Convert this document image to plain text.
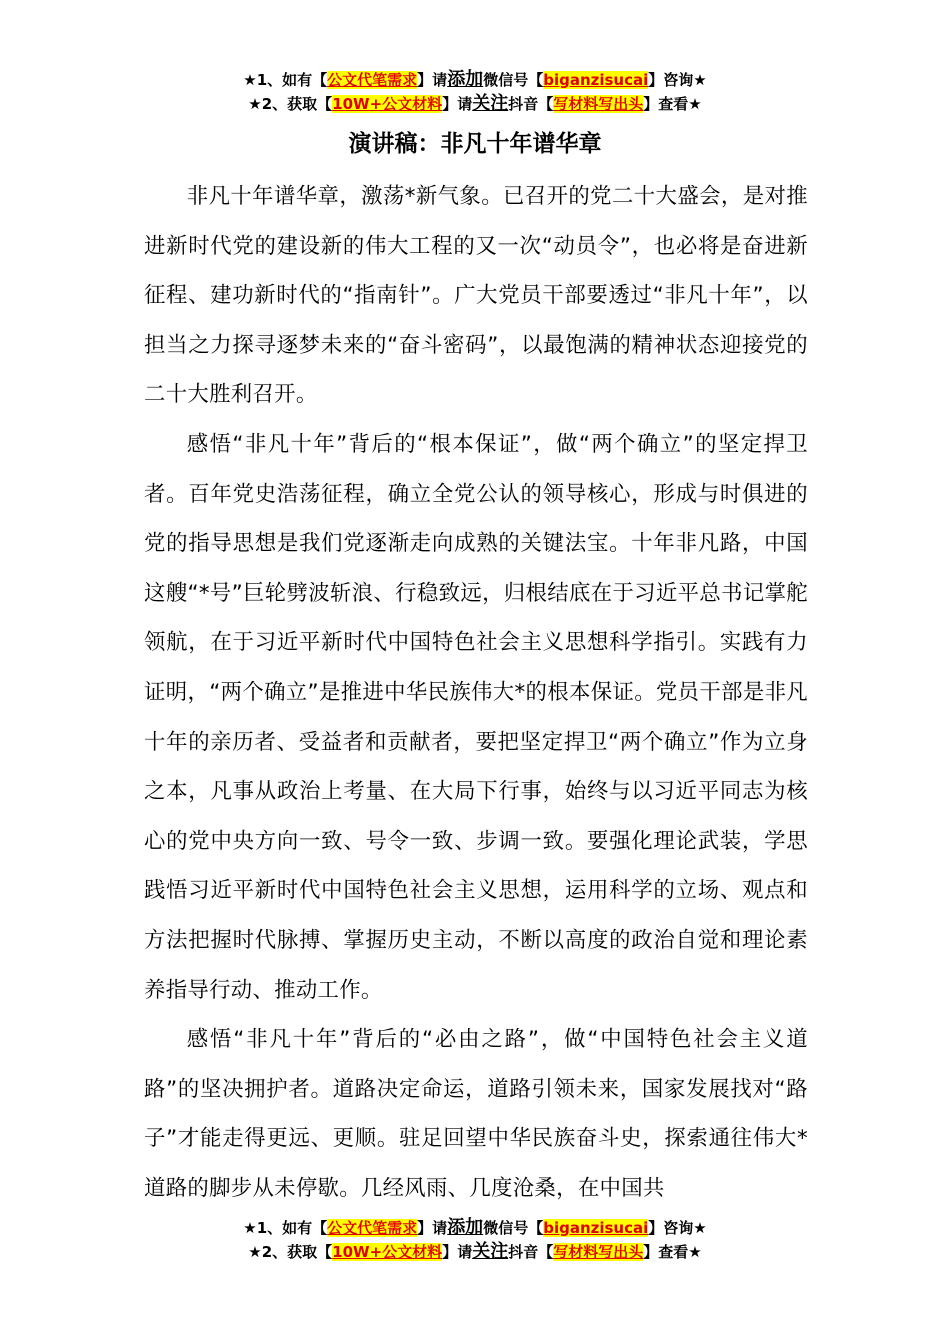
★1、如有【公文代笔需求】请添加微信号【biganzisucai】咨询★
★2、获取【10W+公文材料】请关注抖音【写材料写出头】查看★
演讲稿：非凡十年谱华章

非凡十年谱华章，激荡*新气象。已召开的党二十大盛会，是对推进新时代党的建设新的伟大工程的又一次“动员令”，也必将是奋进新征程、建功新时代的“指南针”。广大党员干部要透过“非凡十年”，以担当之力探寻逐梦未来的“奋斗密码”，以最饱满的精神状态迎接党的二十大胜利召开。

感悟“非凡十年”背后的“根本保证”，做“两个确立”的坚定捍卫者。百年党史浩荡征程，确立全党公认的领导核心，形成与时俱进的党的指导思想是我们党逐渐走向成熟的关键法宝。十年非凡路，中国这艘“*号”巨轮劈波斩浪、行稳致远，归根结底在于习近平总书记掌舵领航，在于习近平新时代中国特色社会主义思想科学指引。实践有力证明，“两个确立”是推进中华民族伟大*的根本保证。党员干部是非凡十年的亲历者、受益者和贡献者，要把坚定捍卫“两个确立”作为立身之本，凡事从政治上考量、在大局下行事，始终与以习近平同志为核心的党中央方向一致、号令一致、步调一致。要强化理论武装，学思践悟习近平新时代中国特色社会主义思想，运用科学的立场、观点和方法把握时代脉搏、掌握历史主动，不断以高度的政治自觉和理论素养指导行动、推动工作。

感悟“非凡十年”背后的“必由之路”，做“中国特色社会主义道路”的坚决拥护者。道路决定命运，道路引领未来，国家发展找对“路子”才能走得更远、更顺。驻足回望中华民族奋斗史，探索通往伟大*道路的脚步从未停歇。几经风雨、几度沧桑，在中国共

★1、如有【公文代笔需求】请添加微信号【biganzisucai】咨询★
★2、获取【10W+公文材料】请关注抖音【写材料写出头】查看★
